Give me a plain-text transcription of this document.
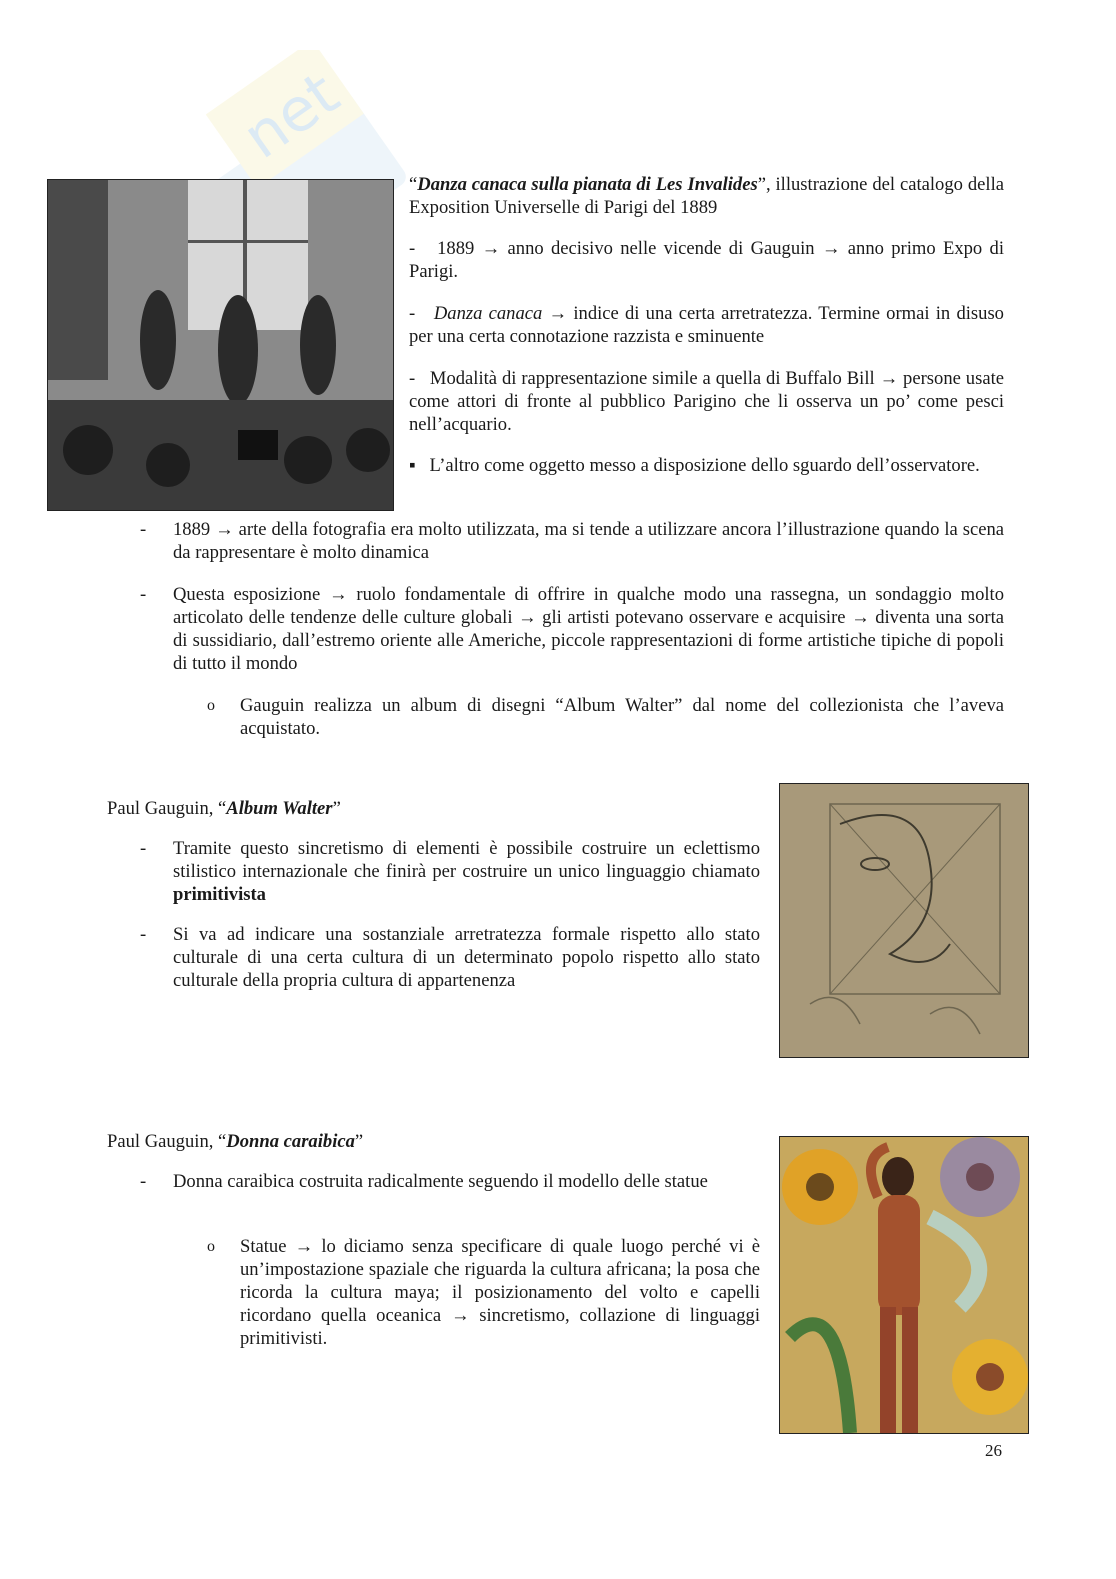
net
“Danza canaca sulla pianata di Les Invalides”, illustrazione del catalogo della Exposition Universelle di Parigi del 1889
- 1889 → anno decisivo nelle vicende di Gauguin → anno primo Expo di Parigi.
- Danza canaca → indice di una certa arretratezza. Termine ormai in disuso per una certa connotazione razzista e sminuente
- Modalità di rappresentazione simile a quella di Buffalo Bill → persone usate come attori di fronte al pubblico Parigino che li osserva un po’ come pesci nell’acquario.
▪ L’altro come oggetto messo a disposizione dello sguardo dell’osservatore.
- 1889 → arte della fotografia era molto utilizzata, ma si tende a utilizzare ancora l’illustrazione quando la scena da rappresentare è molto dinamica
- Questa esposizione → ruolo fondamentale di offrire in qualche modo una rassegna, un sondaggio molto articolato delle tendenze delle culture globali → gli artisti potevano osservare e acquisire → diventa una sorta di sussidiario, dall’estremo oriente alle Americhe, piccole rappresentazioni di forme artistiche tipiche di popoli di tutto il mondo
o Gauguin realizza un album di disegni “Album Walter” dal nome del collezionista che l’aveva acquistato.
Paul Gauguin, “Album Walter”
- Tramite questo sincretismo di elementi è possibile costruire un eclettismo stilistico internazionale che finirà per costruire un unico linguaggio chiamato primitivista
- Si va ad indicare una sostanziale arretratezza formale rispetto allo stato culturale di una certa cultura di un determinato popolo rispetto allo stato culturale della propria cultura di appartenenza
Paul Gauguin, “Donna caraibica”
- Donna caraibica costruita radicalmente seguendo il modello delle statue
o Statue → lo diciamo senza specificare di quale luogo perché vi è un’impostazione spaziale che riguarda la cultura africana; la posa che ricorda la cultura maya; il posizionamento del volto e capelli ricordano quella oceanica → sincretismo, collazione di linguaggi primitivisti.
26
